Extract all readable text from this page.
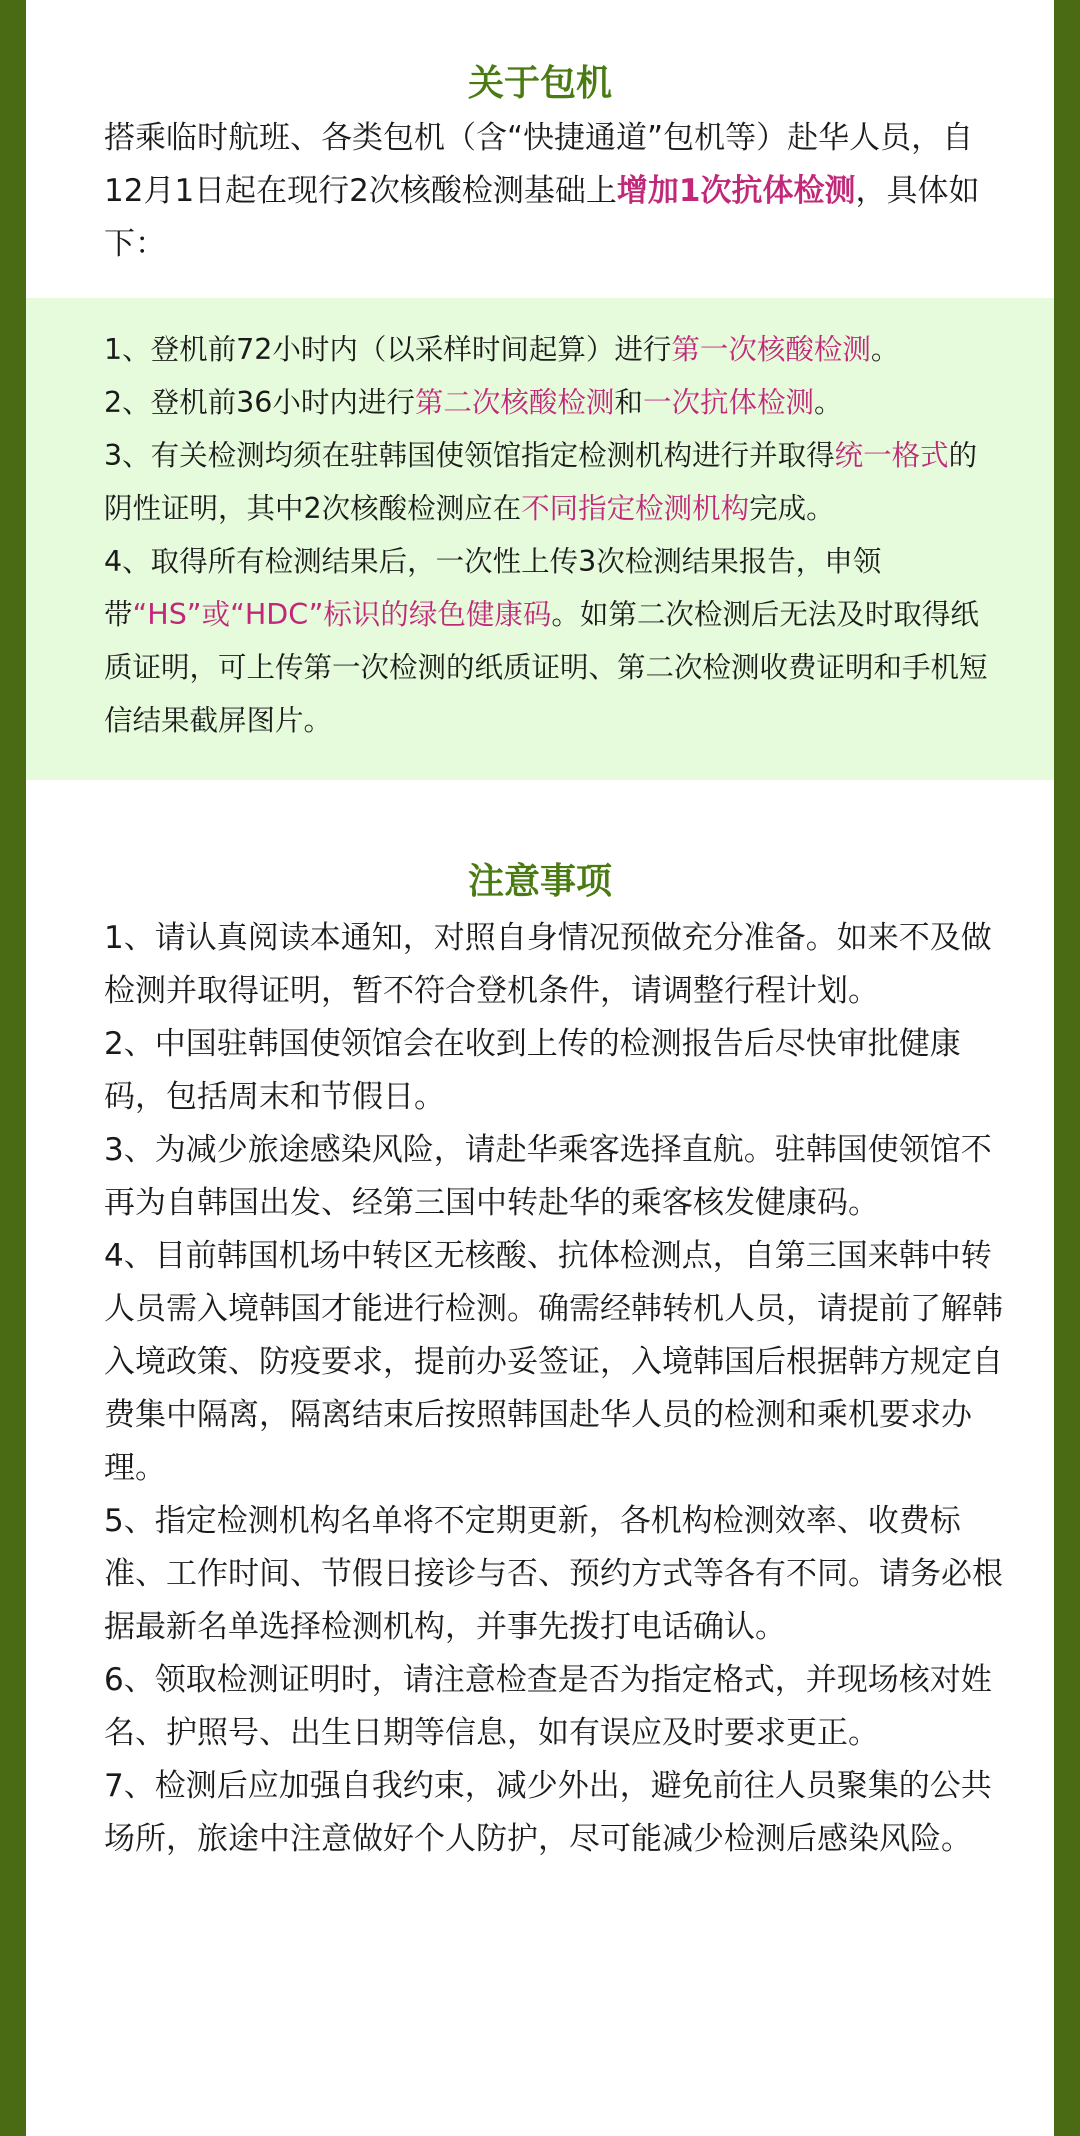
关于包机

搭乘临时航班、各类包机（含“快捷通道”包机等）赴华人员，自12月1日起在现行2次核酸检测基础上增加1次抗体检测，具体如下：

1、登机前72小时内（以采样时间起算）进行第一次核酸检测。

2、登机前36小时内进行第二次核酸检测和一次抗体检测。

3、有关检测均须在驻韩国使领馆指定检测机构进行并取得统一格式的阴性证明，其中2次核酸检测应在不同指定检测机构完成。

4、取得所有检测结果后，一次性上传3次检测结果报告，申领带“HS”或“HDC”标识的绿色健康码。如第二次检测后无法及时取得纸质证明，可上传第一次检测的纸质证明、第二次检测收费证明和手机短信结果截屏图片。

注意事项

1、请认真阅读本通知，对照自身情况预做充分准备。如来不及做检测并取得证明，暂不符合登机条件，请调整行程计划。

2、中国驻韩国使领馆会在收到上传的检测报告后尽快审批健康码，包括周末和节假日。

3、为减少旅途感染风险，请赴华乘客选择直航。驻韩国使领馆不再为自韩国出发、经第三国中转赴华的乘客核发健康码。

4、目前韩国机场中转区无核酸、抗体检测点，自第三国来韩中转人员需入境韩国才能进行检测。确需经韩转机人员，请提前了解韩入境政策、防疫要求，提前办妥签证，入境韩国后根据韩方规定自费集中隔离，隔离结束后按照韩国赴华人员的检测和乘机要求办理。

5、指定检测机构名单将不定期更新，各机构检测效率、收费标准、工作时间、节假日接诊与否、预约方式等各有不同。请务必根据最新名单选择检测机构，并事先拨打电话确认。

6、领取检测证明时，请注意检查是否为指定格式，并现场核对姓名、护照号、出生日期等信息，如有误应及时要求更正。

7、检测后应加强自我约束，减少外出，避免前往人员聚集的公共场所，旅途中注意做好个人防护，尽可能减少检测后感染风险。
